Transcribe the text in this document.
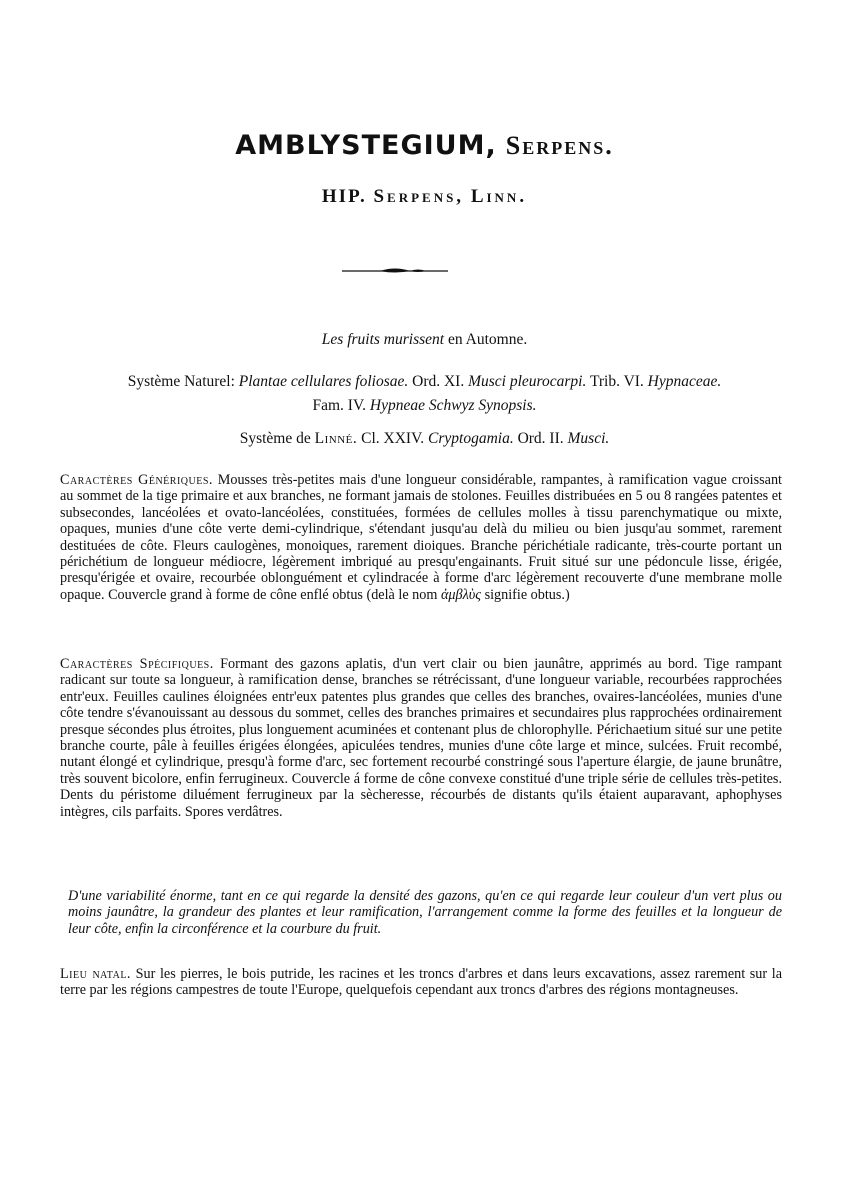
AMBLYSTEGIUM, Serpens.
HIP. Serpens, Linn.
Les fruits murissent en Automne.
Système Naturel: Plantae cellulares foliosae. Ord. XI. Musci pleurocarpi. Trib. VI. Hypnaceae.
Fam. IV. Hypneae Schwyz Synopsis.
Système de Linné. Cl. XXIV. Cryptogamia. Ord. II. Musci.
Caractères Génériques. Mousses très-petites mais d'une longueur considérable, rampantes, à ramification vague croissant au sommet de la tige primaire et aux branches, ne formant jamais de stolones. Feuilles distribuées en 5 ou 8 rangées patentes et subsecondes, lancéolées et ovato-lancéolées, constituées, formées de cellules molles à tissu parenchymatique ou mixte, opaques, munies d'une côte verte demi-cylindrique, s'étendant jusqu'au delà du milieu ou bien jusqu'au sommet, rarement destituées de côte. Fleurs caulogènes, monoiques, rarement dioiques. Branche périchétiale radicante, très-courte portant un périchétium de longueur médiocre, légèrement imbriqué au presqu'engainants. Fruit situé sur une pédoncule lisse, érigée, presqu'érigée et ovaire, recourbée oblonguément et cylindracée à forme d'arc légèrement recouverte d'une membrane molle opaque. Couvercle grand à forme de cône enflé obtus (delà le nom ἀμβλὺς signifie obtus.)
Caractères Spécifiques. Formant des gazons aplatis, d'un vert clair ou bien jaunâtre, apprimés au bord. Tige rampant radicant sur toute sa longueur, à ramification dense, branches se rétrécissant, d'une longueur variable, recourbées rapprochées entr'eux. Feuilles caulines éloignées entr'eux patentes plus grandes que celles des branches, ovaires-lancéolées, munies d'une côte tendre s'évanouissant au dessous du sommet, celles des branches primaires et secundaires plus rapprochées ordinairement presque sécondes plus étroites, plus longuement acuminées et contenant plus de chlorophylle. Périchaetium situé sur une petite branche courte, pâle à feuilles érigées élongées, apiculées tendres, munies d'une côte large et mince, sulcées. Fruit recombé, nutant élongé et cylindrique, presqu'à forme d'arc, sec fortement recourbé constringé sous l'aperture élargie, de jaune brunâtre, très souvent bicolore, enfin ferrugineux. Couvercle á forme de cône convexe constitué d'une triple série de cellules très-petites. Dents du péristome diluément ferrugineux par la sècheresse, récourbés de distants qu'ils étaient auparavant, aphophyses intègres, cils parfaits. Spores verdâtres.
D'une variabilité énorme, tant en ce qui regarde la densité des gazons, qu'en ce qui regarde leur couleur d'un vert plus ou moins jaunâtre, la grandeur des plantes et leur ramification, l'arrangement comme la forme des feuilles et la longueur de leur côte, enfin la circonférence et la courbure du fruit.
Lieu natal. Sur les pierres, le bois putride, les racines et les troncs d'arbres et dans leurs excavations, assez rarement sur la terre par les régions campestres de toute l'Europe, quelquefois cependant aux troncs d'arbres des régions montagneuses.
